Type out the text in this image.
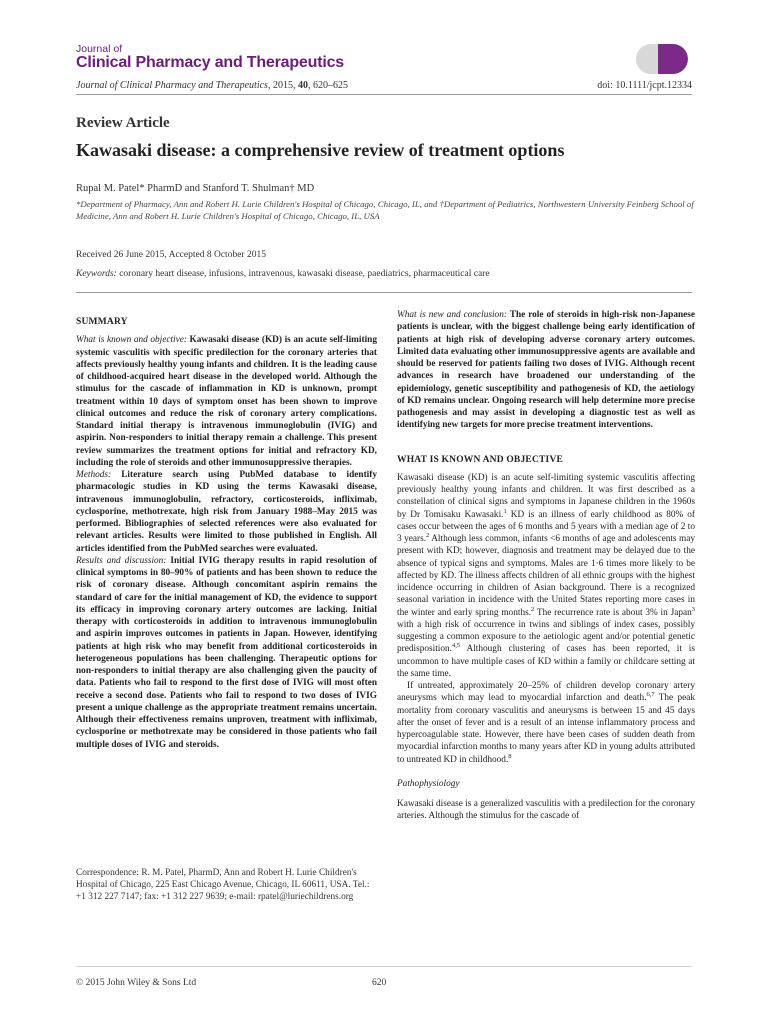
Journal of
Clinical Pharmacy and Therapeutics
Journal of Clinical Pharmacy and Therapeutics, 2015, 40, 620–625	doi: 10.1111/jcpt.12334
Review Article
Kawasaki disease: a comprehensive review of treatment options
Rupal M. Patel* PharmD and Stanford T. Shulman† MD
*Department of Pharmacy, Ann and Robert H. Lurie Children's Hospital of Chicago, Chicago, IL, and †Department of Pediatrics, Northwestern University Feinberg School of Medicine, Ann and Robert H. Lurie Children's Hospital of Chicago, Chicago, IL, USA
Received 26 June 2015, Accepted 8 October 2015
Keywords: coronary heart disease, infusions, intravenous, kawasaki disease, paediatrics, pharmaceutical care

SUMMARY

What is known and objective: Kawasaki disease (KD) is an acute self-limiting systemic vasculitis with specific predilection for the coronary arteries that affects previously healthy young infants and children. It is the leading cause of childhood-acquired heart disease in the developed world. Although the stimulus for the cascade of inflammation in KD is unknown, prompt treatment within 10 days of symptom onset has been shown to improve clinical outcomes and reduce the risk of coronary artery complications. Standard initial therapy is intravenous immunoglobulin (IVIG) and aspirin. Non-responders to initial therapy remain a challenge. This present review summarizes the treatment options for initial and refractory KD, including the role of steroids and other immunosuppressive therapies.

Methods: Literature search using PubMed database to identify pharmacologic studies in KD using the terms Kawasaki disease, intravenous immunoglobulin, refractory, corticosteroids, infliximab, cyclosporine, methotrexate, high risk from January 1988–May 2015 was performed. Bibliographies of selected references were also evaluated for relevant articles. Results were limited to those published in English. All articles identified from the PubMed searches were evaluated.

Results and discussion: Initial IVIG therapy results in rapid resolution of clinical symptoms in 80–90% of patients and has been shown to reduce the risk of coronary disease. Although concomitant aspirin remains the standard of care for the initial management of KD, the evidence to support its efficacy in improving coronary artery outcomes are lacking. Initial therapy with corticosteroids in addition to intravenous immunoglobulin and aspirin improves outcomes in patients in Japan. However, identifying patients at high risk who may benefit from additional corticosteroids in heterogeneous populations has been challenging. Therapeutic options for non-responders to initial therapy are also challenging given the paucity of data. Patients who fail to respond to the first dose of IVIG will most often receive a second dose. Patients who fail to respond to two doses of IVIG present a unique challenge as the appropriate treatment remains uncertain. Although their effectiveness remains unproven, treatment with infliximab, cyclosporine or methotrexate may be considered in those patients who fail multiple doses of IVIG and steroids.

Correspondence: R. M. Patel, PharmD, Ann and Robert H. Lurie Children's Hospital of Chicago, 225 East Chicago Avenue, Chicago, IL 60611, USA. Tel.: +1 312 227 7147; fax: +1 312 227 9639; e-mail: rpatel@luriechildrens.org

What is new and conclusion: The role of steroids in high-risk non-Japanese patients is unclear, with the biggest challenge being early identification of patients at high risk of developing adverse coronary artery outcomes. Limited data evaluating other immunosuppressive agents are available and should be reserved for patients failing two doses of IVIG. Although recent advances in research have broadened our understanding of the epidemiology, genetic susceptibility and pathogenesis of KD, the aetiology of KD remains unclear. Ongoing research will help determine more precise pathogenesis and may assist in developing a diagnostic test as well as identifying new targets for more precise treatment interventions.

WHAT IS KNOWN AND OBJECTIVE

Kawasaki disease (KD) is an acute self-limiting systemic vasculitis affecting previously healthy young infants and children. It was first described as a constellation of clinical signs and symptoms in Japanese children in the 1960s by Dr Tomisaku Kawasaki.$^1$ KD is an illness of early childhood as 80% of cases occur between the ages of 6 months and 5 years with a median age of 2 to 3 years.$^2$ Although less common, infants <6 months of age and adolescents may present with KD; however, diagnosis and treatment may be delayed due to the absence of typical signs and symptoms. Males are 1·6 times more likely to be affected by KD. The illness affects children of all ethnic groups with the highest incidence occurring in children of Asian background. There is a recognized seasonal variation in incidence with the United States reporting more cases in the winter and early spring months.$^2$ The recurrence rate is about 3% in Japan$^3$ with a high risk of occurrence in twins and siblings of index cases, possibly suggesting a common exposure to the aetiologic agent and/or potential genetic predisposition.$^{4,5}$ Although clustering of cases has been reported, it is uncommon to have multiple cases of KD within a family or childcare setting at the same time.

If untreated, approximately 20–25% of children develop coronary artery aneurysms which may lead to myocardial infarction and death.$^{6,7}$ The peak mortality from coronary vasculitis and aneurysms is between 15 and 45 days after the onset of fever and is a result of an intense inflammatory process and hypercoagulable state. However, there have been cases of sudden death from myocardial infarction months to many years after KD in young adults attributed to untreated KD in childhood.$^8$

Pathophysiology

Kawasaki disease is a generalized vasculitis with a predilection for the coronary arteries. Although the stimulus for the cascade of

© 2015 John Wiley & Sons Ltd	620
